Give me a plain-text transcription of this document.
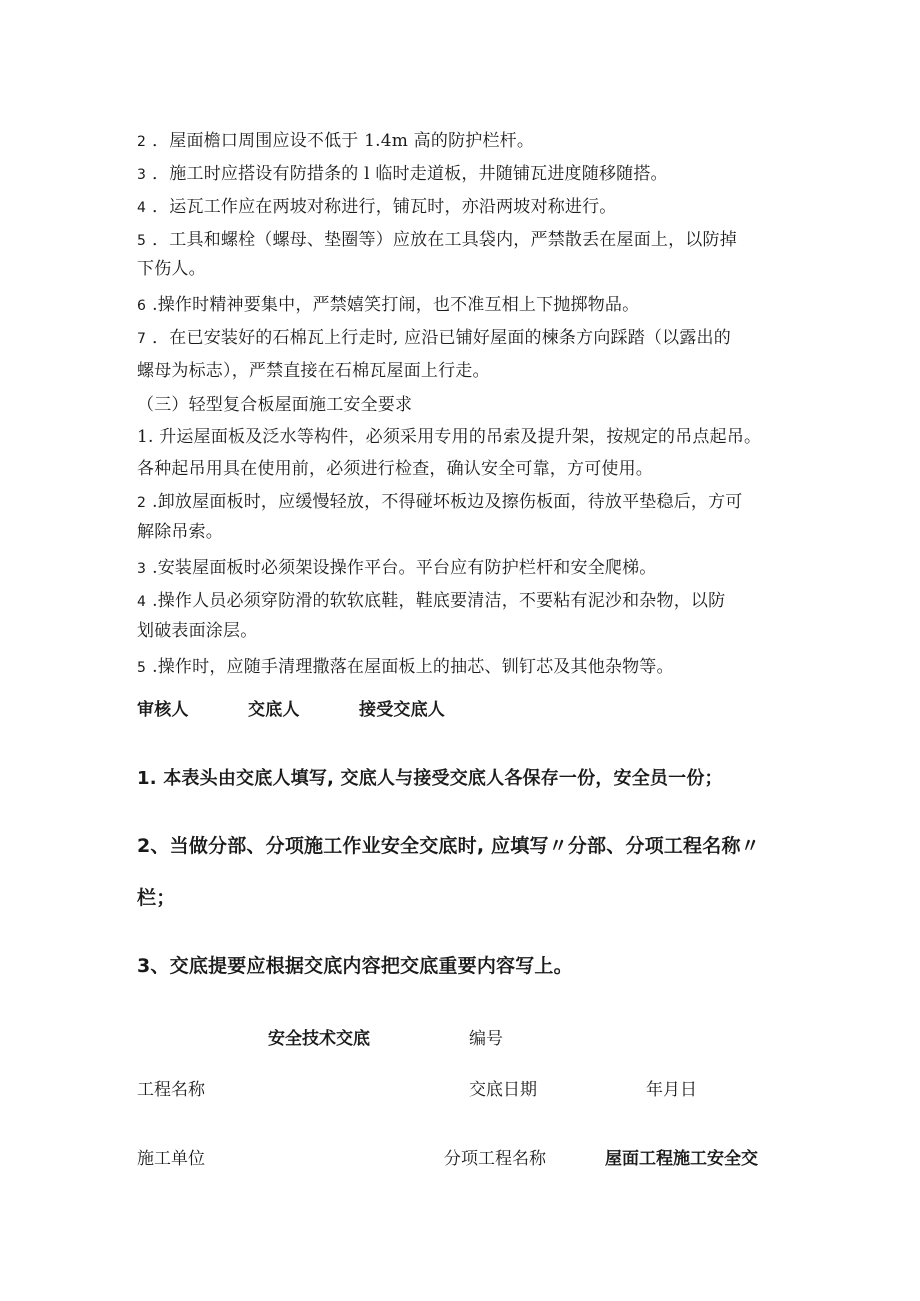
2 ．屋面檐口周围应设不低于 1.4m 高的防护栏杆。
3 ．施工时应搭设有防措条的 l 临时走道板，井随铺瓦进度随移随搭。
4 ．运瓦工作应在两坡对称进行，铺瓦时，亦沿两坡对称进行。
5 ．工具和螺栓（螺母、垫圈等）应放在工具袋内，严禁散丢在屋面上，以防掉
下伤人。
6 .操作时精神要集中，严禁嬉笑打闹，也不准互相上下抛掷物品。
7 ．在已安装好的石棉瓦上行走时, 应沿已铺好屋面的楝条方向踩踏（以露出的
螺母为标志），严禁直接在石棉瓦屋面上行走。
（三）轻型复合板屋面施工安全要求
1. 升运屋面板及泛水等构件，必须采用专用的吊索及提升架，按规定的吊点起吊。
各种起吊用具在使用前，必须进行检查，确认安全可靠，方可使用。
2 .卸放屋面板时，应缓慢轻放，不得碰坏板边及擦伤板面，待放平垫稳后，方可
解除吊索。
3 .安装屋面板时必须架设操作平台。平台应有防护栏杆和安全爬梯。
4 .操作人员必须穿防滑的软软底鞋，鞋底要清洁，不要粘有泥沙和杂物，以防
划破表面涂层。
5 .操作时，应随手清理撒落在屋面板上的抽芯、钏钉芯及其他杂物等。
审核人	交底人	接受交底人
1. 本表头由交底人填写, 交底人与接受交底人各保存一份，安全员一份；
2、当做分部、分项施工作业安全交底时, 应填写〃分部、分项工程名称〃
栏；
3、交底提要应根据交底内容把交底重要内容写上。
安全技术交底	编号
工程名称	交底日期	年月日
施工单位	分项工程名称	屋面工程施工安全交
